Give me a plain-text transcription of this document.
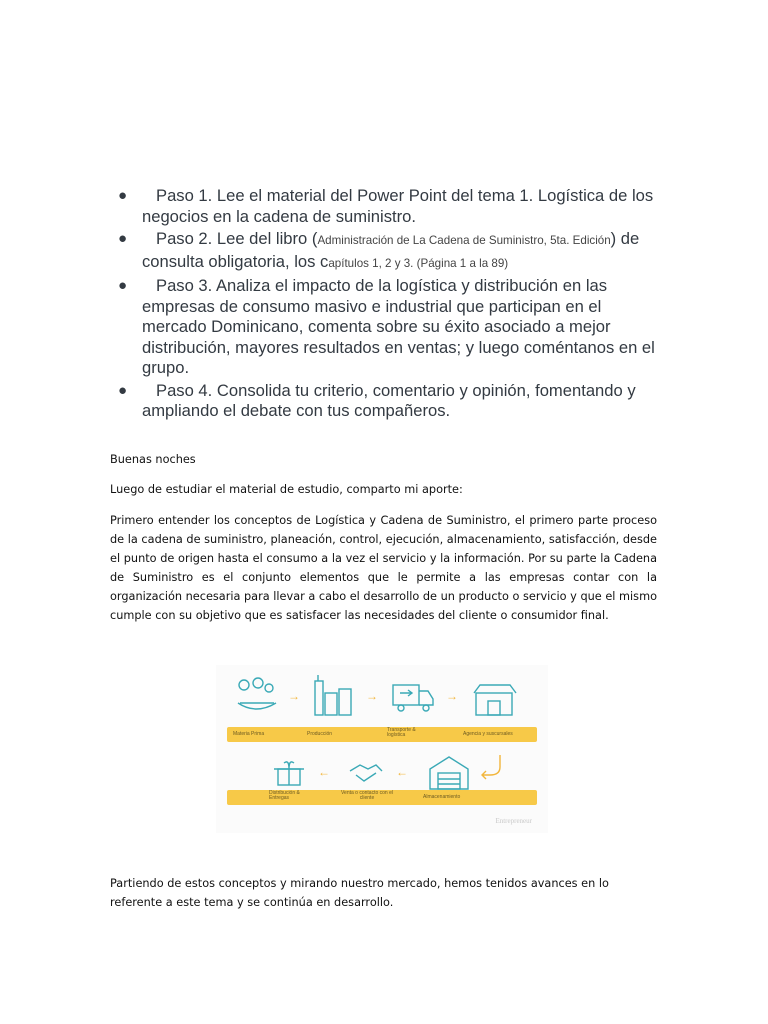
● Paso 1. Lee el material del Power Point del tema 1. Logística de los negocios en la cadena de suministro.
● Paso 2. Lee del libro (Administración de La Cadena de Suministro, 5ta. Edición) de consulta obligatoria, los capítulos 1, 2 y 3. (Página 1 a la 89)
● Paso 3. Analiza el impacto de la logística y distribución en las empresas de consumo masivo e industrial que participan en el mercado Dominicano, comenta sobre su éxito asociado a mejor distribución, mayores resultados en ventas; y luego coméntanos en el grupo.
● Paso 4. Consolida tu criterio, comentario y opinión, fomentando y ampliando el debate con tus compañeros.

Buenas noches

Luego de estudiar el material de estudio, comparto mi aporte:

Primero entender los conceptos de Logística y Cadena de Suministro, el primero parte proceso de la cadena de suministro, planeación, control, ejecución, almacenamiento, satisfacción, desde el punto de origen hasta el consumo a la vez el servicio y la información. Por su parte la Cadena de Suministro es el conjunto elementos que le permite a las empresas contar con la organización necesaria para llevar a cabo el desarrollo de un producto o servicio y que el mismo cumple con su objetivo que es satisfacer las necesidades del cliente o consumidor final.

→	→	→
Materia Prima	Producción
Transporte & logística	Agencia y suscursales
←	←
Distribución & Entregas
Venta o contacto con el cliente	Almacenamiento
Entrepreneur

Partiendo de estos conceptos y mirando nuestro mercado, hemos tenidos avances en lo referente a este tema y se continúa en desarrollo.
